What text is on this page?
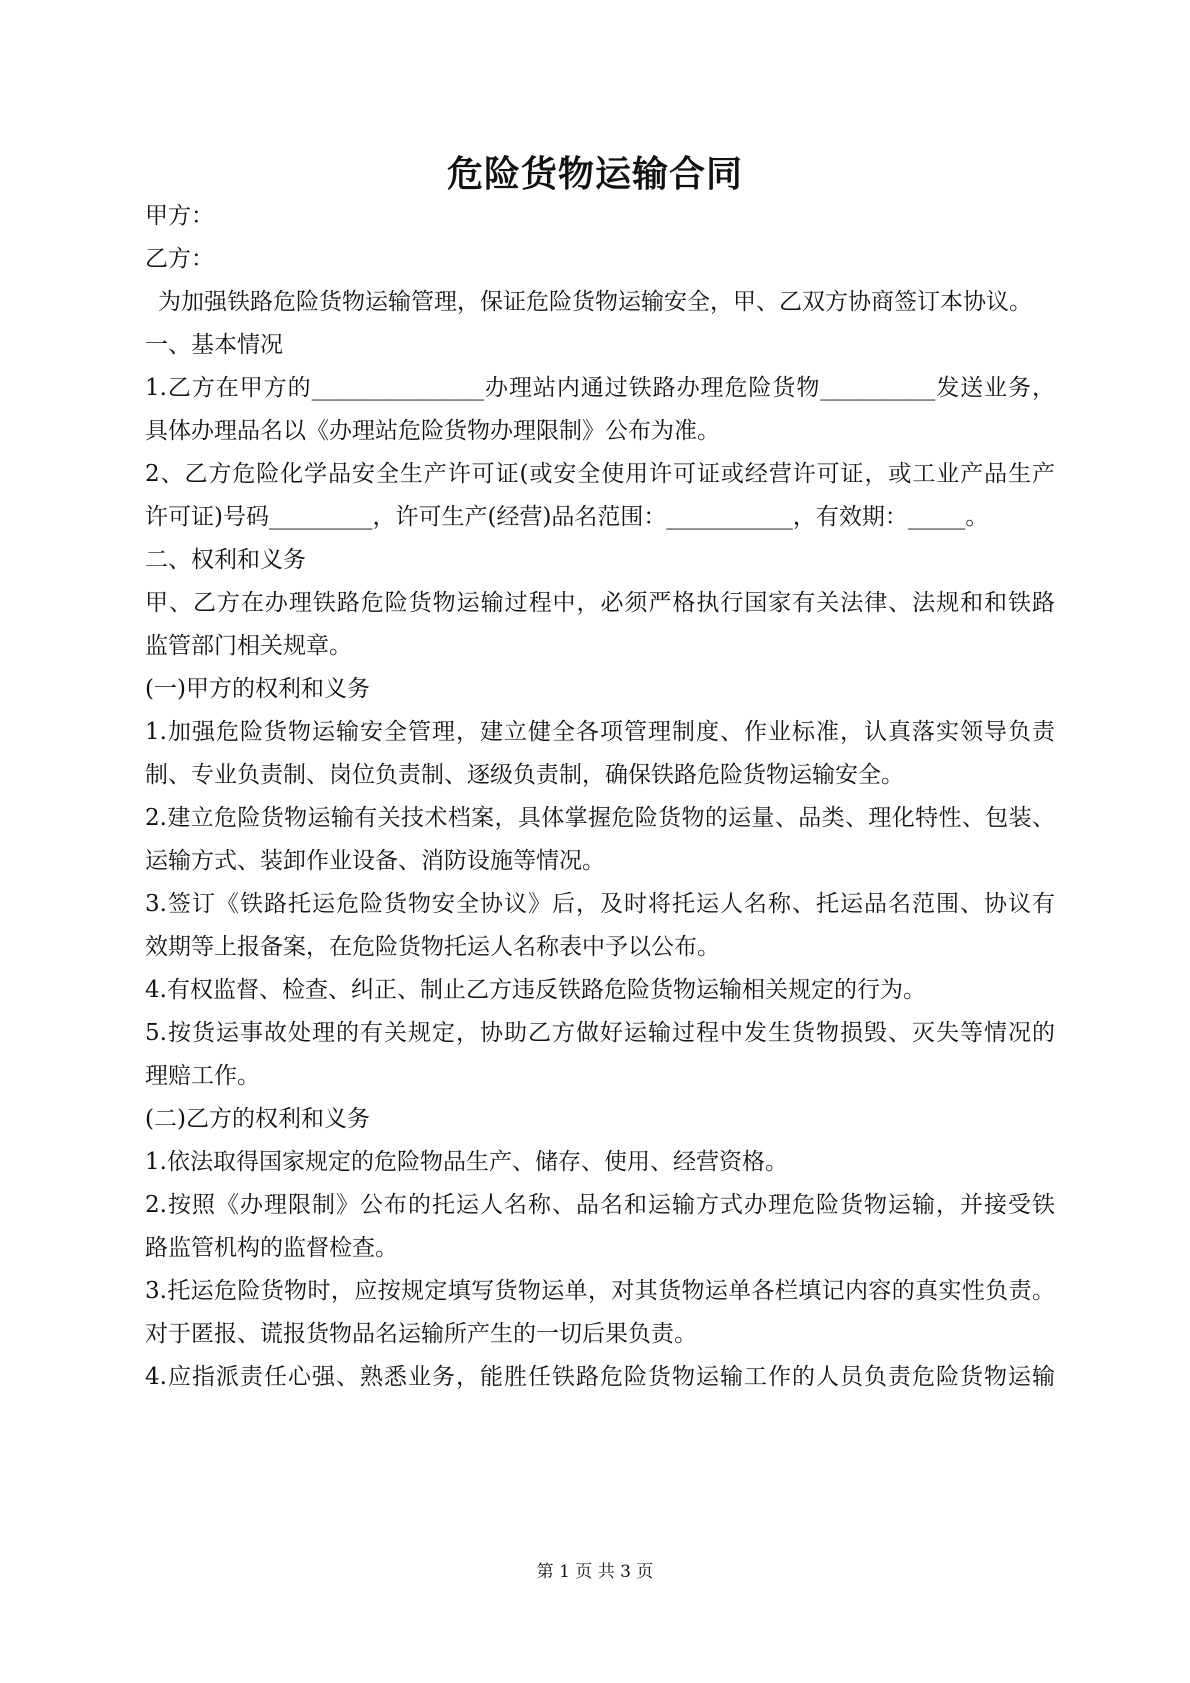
危险货物运输合同

甲方：

乙方：

为加强铁路危险货物运输管理，保证危险货物运输安全，甲、乙双方协商签订本协议。

一、基本情况

1.乙方在甲方的_______________办理站内通过铁路办理危险货物__________发送业务，

具体办理品名以《办理站危险货物办理限制》公布为准。

2、乙方危险化学品安全生产许可证(或安全使用许可证或经营许可证，或工业产品生产

许可证)号码_________，许可生产(经营)品名范围：___________，有效期：_____。

二、权利和义务

甲、乙方在办理铁路危险货物运输过程中，必须严格执行国家有关法律、法规和和铁路

监管部门相关规章。

(一)甲方的权利和义务

1.加强危险货物运输安全管理，建立健全各项管理制度、作业标准，认真落实领导负责

制、专业负责制、岗位负责制、逐级负责制，确保铁路危险货物运输安全。

2.建立危险货物运输有关技术档案，具体掌握危险货物的运量、品类、理化特性、包装、

运输方式、装卸作业设备、消防设施等情况。

3.签订《铁路托运危险货物安全协议》后，及时将托运人名称、托运品名范围、协议有

效期等上报备案，在危险货物托运人名称表中予以公布。

4.有权监督、检查、纠正、制止乙方违反铁路危险货物运输相关规定的行为。

5.按货运事故处理的有关规定，协助乙方做好运输过程中发生货物损毁、灭失等情况的

理赔工作。

(二)乙方的权利和义务

1.依法取得国家规定的危险物品生产、储存、使用、经营资格。

2.按照《办理限制》公布的托运人名称、品名和运输方式办理危险货物运输，并接受铁

路监管机构的监督检查。

3.托运危险货物时，应按规定填写货物运单，对其货物运单各栏填记内容的真实性负责。

对于匿报、谎报货物品名运输所产生的一切后果负责。

4.应指派责任心强、熟悉业务，能胜任铁路危险货物运输工作的人员负责危险货物运输

第 1 页 共 3 页
